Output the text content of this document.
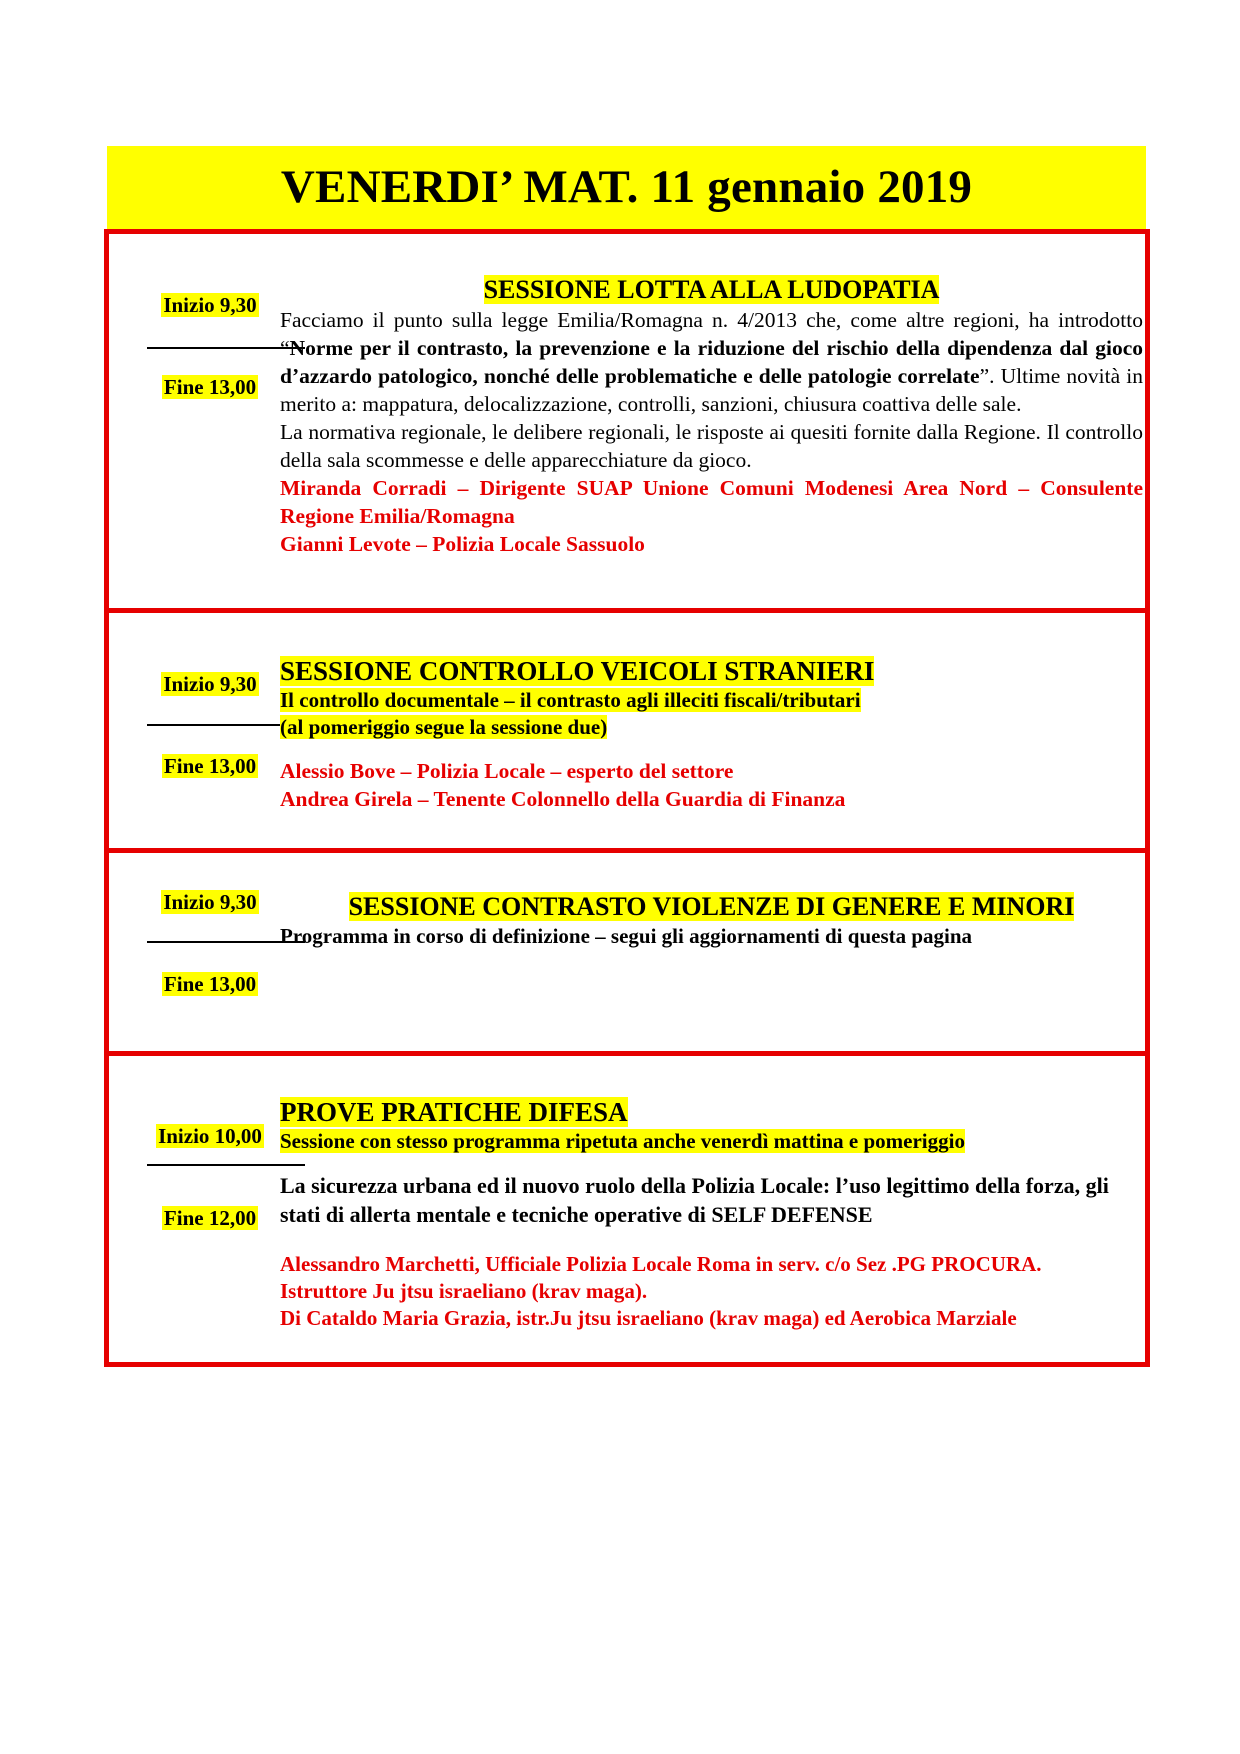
VENERDI’ MAT. 11 gennaio 2019
Inizio 9,30
Fine 13,00

SESSIONE LOTTA ALLA LUDOPATIA

Facciamo il punto sulla legge Emilia/Romagna n. 4/2013 che, come altre regioni, ha introdotto “Norme per il contrasto, la prevenzione e la riduzione del rischio della dipendenza dal gioco d’azzardo patologico, nonché delle problematiche e delle patologie correlate”. Ultime novità in merito a: mappatura, delocalizzazione, controlli, sanzioni, chiusura coattiva delle sale.

La normativa regionale, le delibere regionali, le risposte ai quesiti fornite dalla Regione. Il controllo della sala scommesse e delle apparecchiature da gioco.

Miranda Corradi – Dirigente SUAP Unione Comuni Modenesi Area Nord – Consulente Regione Emilia/Romagna

Gianni Levote – Polizia Locale Sassuolo

Inizio 9,30
Fine 13,00

SESSIONE CONTROLLO VEICOLI STRANIERI

Il controllo documentale – il contrasto agli illeciti fiscali/tributari

(al pomeriggio segue la sessione due)

Alessio Bove – Polizia Locale – esperto del settore

Andrea Girela – Tenente Colonnello della Guardia di Finanza

Inizio 9,30
Fine 13,00

SESSIONE CONTRASTO VIOLENZE DI GENERE E MINORI

Programma in corso di definizione – segui gli aggiornamenti di questa pagina

Inizio 10,00
Fine 12,00

PROVE PRATICHE DIFESA

Sessione con stesso programma ripetuta anche venerdì mattina e pomeriggio

La sicurezza urbana ed il nuovo ruolo della Polizia Locale: l’uso legittimo della forza, gli stati di allerta mentale e tecniche operative di SELF DEFENSE

Alessandro Marchetti, Ufficiale Polizia Locale Roma in serv. c/o Sez .PG PROCURA.

Istruttore Ju jtsu israeliano (krav maga).

Di Cataldo Maria Grazia, istr.Ju jtsu israeliano (krav maga) ed Aerobica Marziale
